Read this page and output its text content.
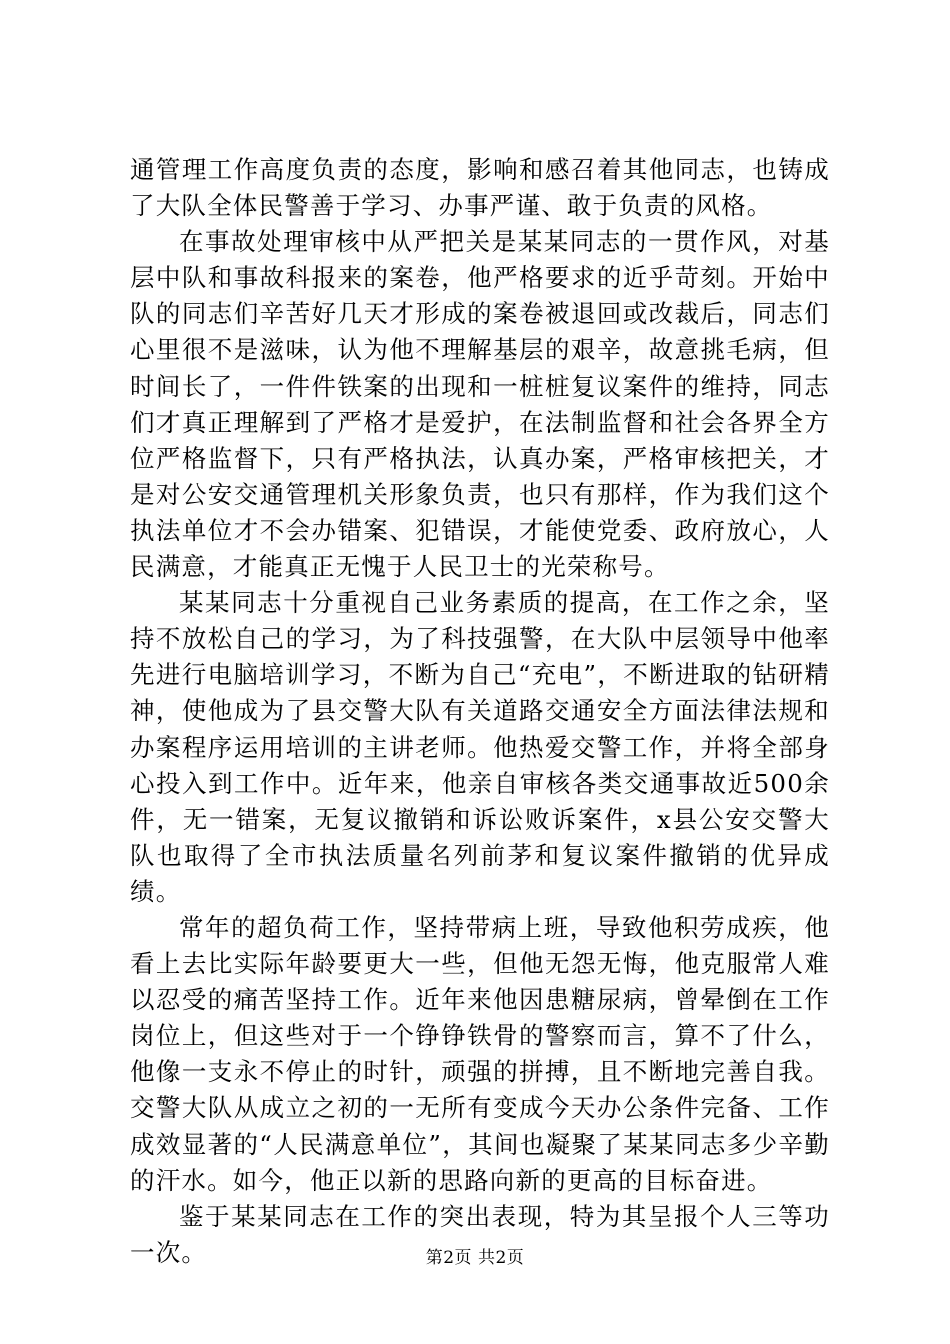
通管理工作高度负责的态度，影响和感召着其他同志，也铸成了大队全体民警善于学习、办事严谨、敢于负责的风格。

在事故处理审核中从严把关是某某同志的一贯作风，对基层中队和事故科报来的案卷，他严格要求的近乎苛刻。开始中队的同志们辛苦好几天才形成的案卷被退回或改裁后，同志们心里很不是滋味，认为他不理解基层的艰辛，故意挑毛病，但时间长了，一件件铁案的出现和一桩桩复议案件的维持，同志们才真正理解到了严格才是爱护，在法制监督和社会各界全方位严格监督下，只有严格执法，认真办案，严格审核把关，才是对公安交通管理机关形象负责，也只有那样，作为我们这个执法单位才不会办错案、犯错误，才能使党委、政府放心，人民满意，才能真正无愧于人民卫士的光荣称号。

某某同志十分重视自己业务素质的提高，在工作之余，坚持不放松自己的学习，为了科技强警，在大队中层领导中他率先进行电脑培训学习，不断为自己“充电”，不断进取的钻研精神，使他成为了县交警大队有关道路交通安全方面法律法规和办案程序运用培训的主讲老师。他热爱交警工作，并将全部身心投入到工作中。近年来，他亲自审核各类交通事故近500余件，无一错案，无复议撤销和诉讼败诉案件，x县公安交警大队也取得了全市执法质量名列前茅和复议案件撤销的优异成绩。

常年的超负荷工作，坚持带病上班，导致他积劳成疾，他看上去比实际年龄要更大一些，但他无怨无悔，他克服常人难以忍受的痛苦坚持工作。近年来他因患糖尿病，曾晕倒在工作岗位上，但这些对于一个铮铮铁骨的警察而言，算不了什么，他像一支永不停止的时针，顽强的拼搏，且不断地完善自我。交警大队从成立之初的一无所有变成今天办公条件完备、工作成效显著的“人民满意单位”，其间也凝聚了某某同志多少辛勤的汗水。如今，他正以新的思路向新的更高的目标奋进。

鉴于某某同志在工作的突出表现，特为其呈报个人三等功一次。	第2页 共2页
